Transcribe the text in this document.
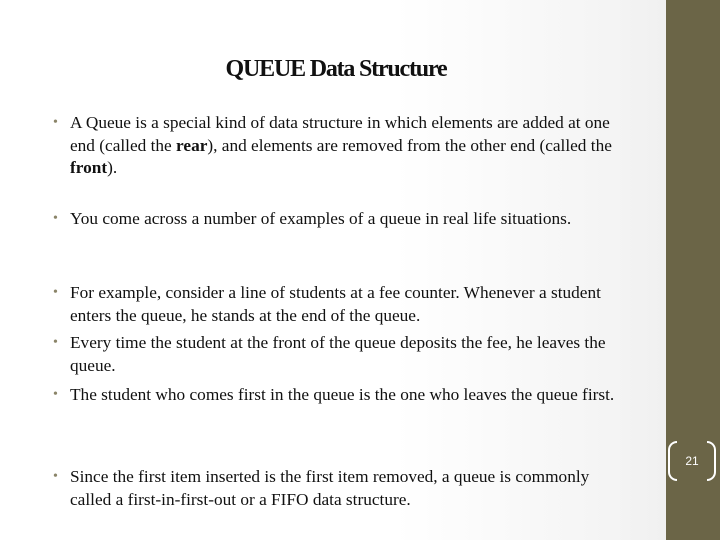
QUEUE Data Structure
• A Queue is a special kind of data structure in which elements are added at one end (called the rear), and elements are removed from the other end (called the front).
• You come across a number of examples of a queue in real life situations.
• For example, consider a line of students at a fee counter. Whenever a student enters the queue, he stands at the end of the queue.
• Every time the student at the front of the queue deposits the fee, he leaves the queue.
• The student who comes first in the queue is the one who leaves the queue first.
• Since the first item inserted is the first item removed, a queue is commonly called a first-in-first-out or a FIFO data structure.
21
